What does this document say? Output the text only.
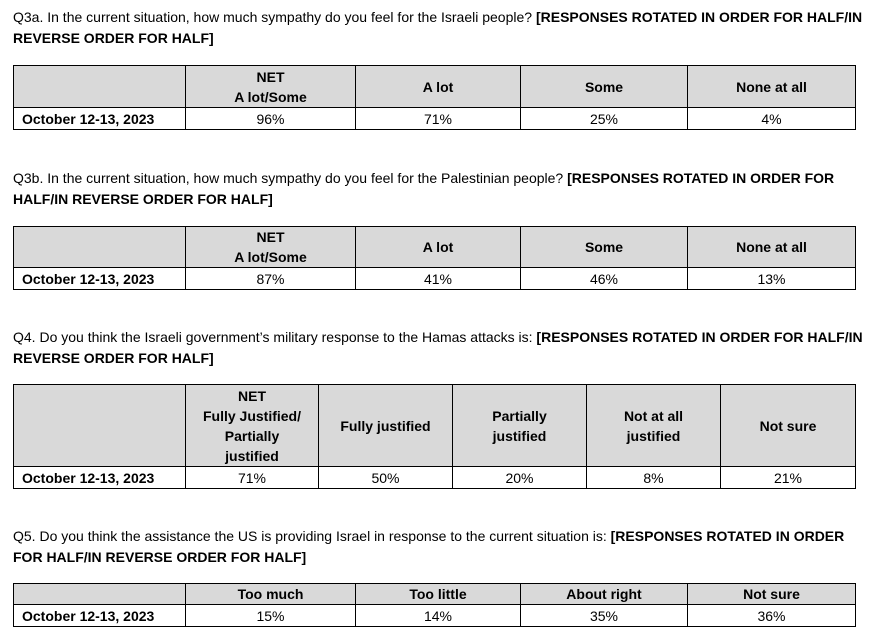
Q3a. In the current situation, how much sympathy do you feel for the Israeli people? [RESPONSES ROTATED IN ORDER FOR HALF/IN REVERSE ORDER FOR HALF]
	NET
A lot/Some	A lot	Some	None at all
October 12-13, 2023	96%	71%	25%	4%
Q3b. In the current situation, how much sympathy do you feel for the Palestinian people? [RESPONSES ROTATED IN ORDER FOR HALF/IN REVERSE ORDER FOR HALF]
	NET
A lot/Some	A lot	Some	None at all
October 12-13, 2023	87%	41%	46%	13%
Q4. Do you think the Israeli government’s military response to the Hamas attacks is: [RESPONSES ROTATED IN ORDER FOR HALF/IN REVERSE ORDER FOR HALF]
	NET
Fully Justified/
Partially
justified	Fully justified	Partially
justified	Not at all
justified	Not sure
October 12-13, 2023	71%	50%	20%	8%	21%
Q5. Do you think the assistance the US is providing Israel in response to the current situation is: [RESPONSES ROTATED IN ORDER FOR HALF/IN REVERSE ORDER FOR HALF]
	Too much	Too little	About right	Not sure
October 12-13, 2023	15%	14%	35%	36%
